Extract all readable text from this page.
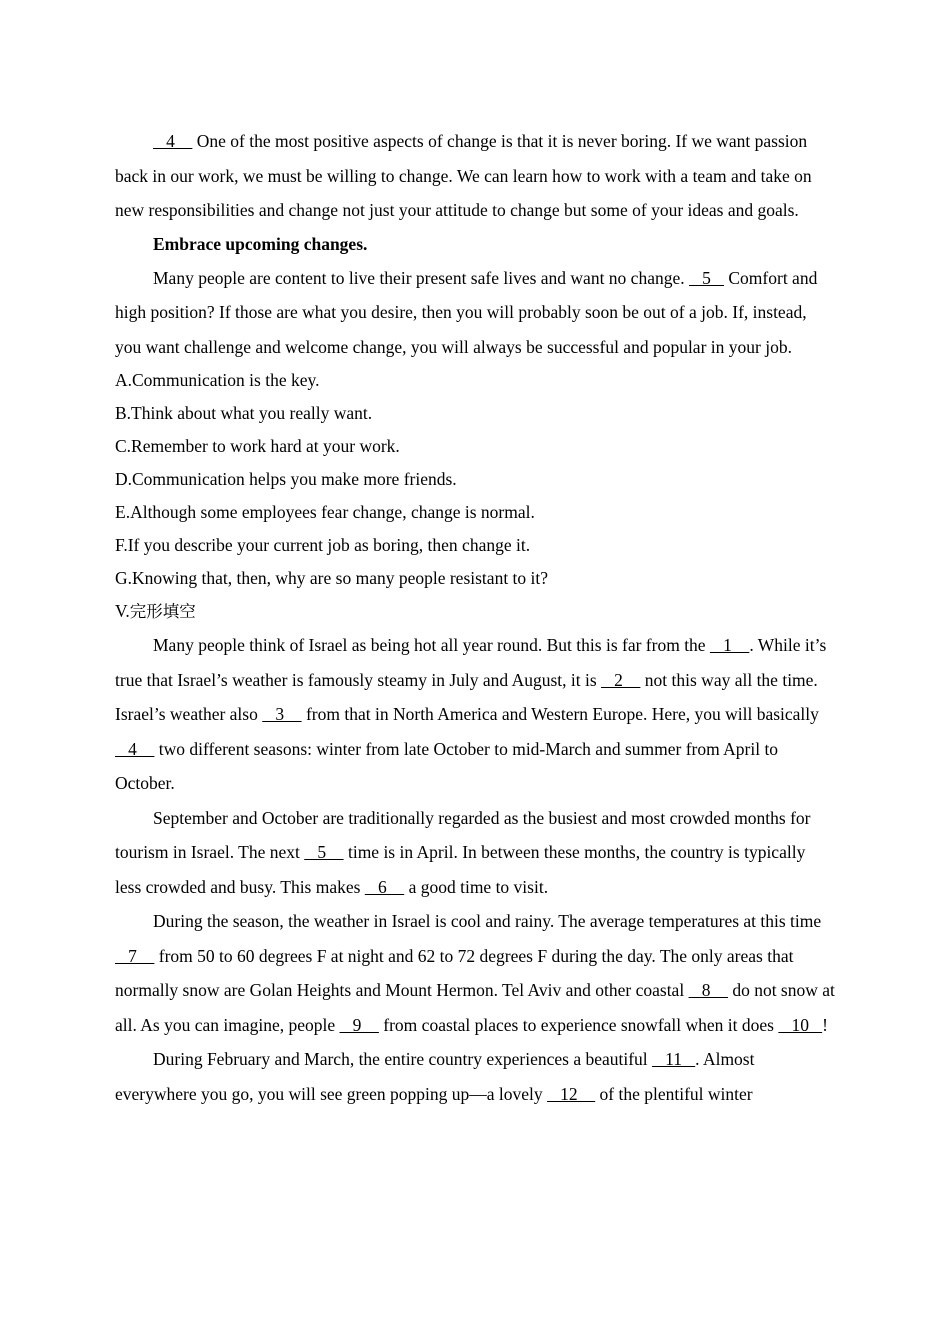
4     One of the most positive aspects of change is that it is never boring. If we want passion back in our work, we must be willing to change. We can learn how to work with a team and take on new responsibilities and change not just your attitude to change but some of your ideas and goals.

Embrace upcoming changes.

Many people are content to live their present safe lives and want no change.    5    Comfort and high position? If those are what you desire, then you will probably soon be out of a job. If, instead, you want challenge and welcome change, you will always be successful and popular in your job.

A.Communication is the key.

B.Think about what you really want.

C.Remember to work hard at your work.

D.Communication helps you make more friends.

E.Although some employees fear change, change is normal.

F.If you describe your current job as boring, then change it.

G.Knowing that, then, why are so many people resistant to it?

V.完形填空

Many people think of Israel as being hot all year round. But this is far from the    1    . While it’s true that Israel’s weather is famously steamy in July and August, it is    2     not this way all the time. Israel’s weather also    3     from that in North America and Western Europe. Here, you will basically    4     two different seasons: winter from late October to mid-March and summer from April to October.

September and October are traditionally regarded as the busiest and most crowded months for tourism in Israel. The next    5     time is in April. In between these months, the country is typically less crowded and busy. This makes    6     a good time to visit.

During the season, the weather in Israel is cool and rainy. The average temperatures at this time    7     from 50 to 60 degrees F at night and 62 to 72 degrees F during the day. The only areas that normally snow are Golan Heights and Mount Hermon. Tel Aviv and other coastal    8     do not snow at all. As you can imagine, people    9     from coastal places to experience snowfall when it does    10   !

During February and March, the entire country experiences a beautiful    11   . Almost everywhere you go, you will see green popping up—a lovely    12     of the plentiful winter
